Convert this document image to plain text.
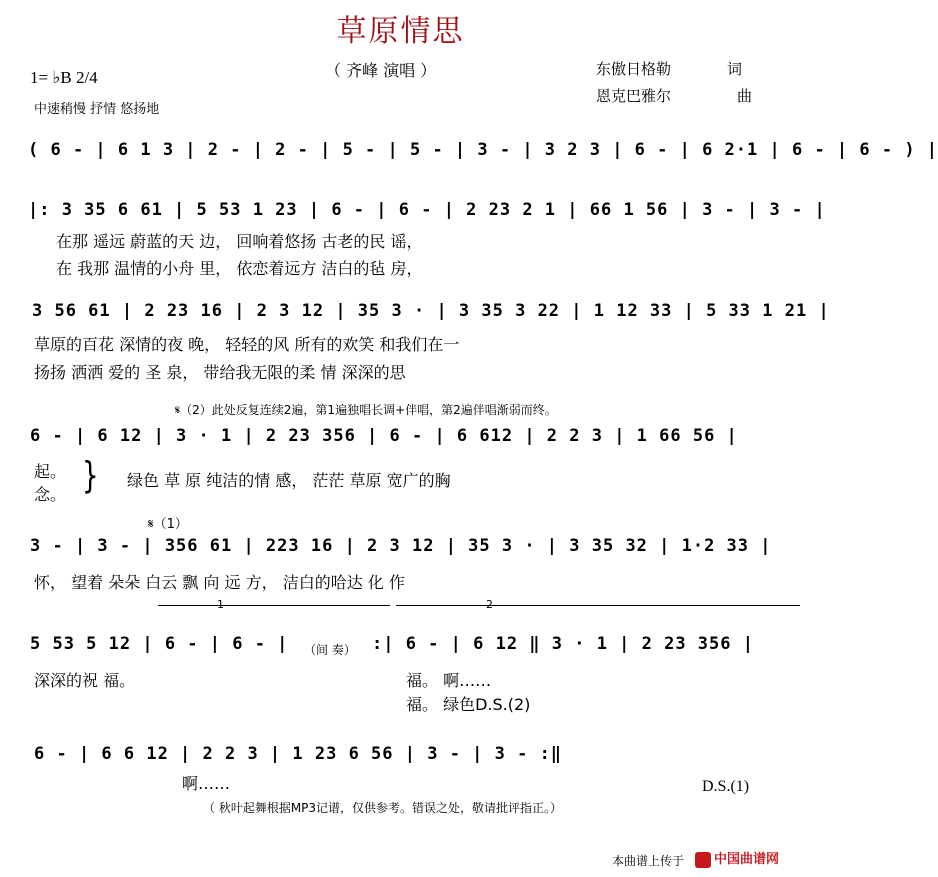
草原情思
（ 齐峰 演唱 ）
1= ♭B 2/4
中速稍慢 抒情 悠扬地
东傲日格勒	词
恩克巴雅尔	曲
( 6 - | 6 1 3 | 2 - | 2 - | 5 - | 5 - | 3 - | 3 2 3 | 6 - | 6 2·1 | 6 - | 6 - ) |
|: 3 35 6 61 | 5 53 1 23 | 6 - | 6 - | 2 23 2 1 | 66 1 56 | 3 - | 3 - |
在那 遥远 蔚蓝的天 边， 回响着悠扬 古老的民 谣，
在 我那 温情的小舟 里， 依恋着远方 洁白的毡 房，
3 56 61 | 2 23 16 | 2 3 12 | 35 3 · | 3 35 3 22 | 1 12 33 | 5 33 1 21 |
草原的百花 深情的夜 晚， 轻轻的风 所有的欢笑 和我们在一
扬扬 洒洒 爱的 圣 泉， 带给我无限的柔 情 深深的思
𝄋（2）此处反复连续2遍，第1遍独唱长调+伴唱，第2遍伴唱渐弱而终。
6 - | 6 12 | 3 · 1 | 2 23 356 | 6 - | 6 612 | 2 2 3 | 1 66 56 |
起。
念。 } 绿色 草 原 纯洁的情 感， 茫茫 草原 宽广的胸
𝄋（1）
3 - | 3 - | 356 61 | 223 16 | 2 3 12 | 35 3 · | 3 35 32 | 1·2 33 |
怀， 望着 朵朵 白云 飘 向 远 方， 洁白的哈达 化 作
1	2
5 53 5 12 | 6 - | 6 - | （间 奏） :| 6 - | 6 12 ‖ 3 · 1 | 2 23 356 |
深深的祝 福。	福。 啊……
福。 绿色D.S.(2)
6 - | 6 6 12 | 2 2 3 | 1 23 6 56 | 3 - | 3 - :‖
啊……	D.S.(1)
（ 秋叶起舞根据MP3记谱，仅供参考。错误之处，敬请批评指正。）
本曲谱上传于	中国曲谱网
